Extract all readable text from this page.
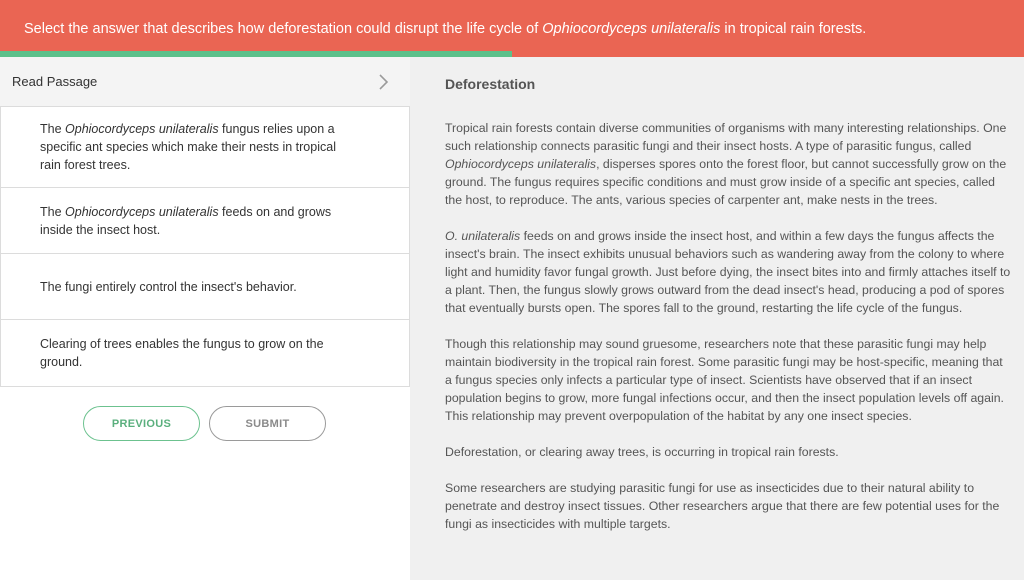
Select the answer that describes how deforestation could disrupt the life cycle of Ophiocordyceps unilateralis in tropical rain forests.
Read Passage
The Ophiocordyceps unilateralis fungus relies upon a specific ant species which make their nests in tropical rain forest trees.
The Ophiocordyceps unilateralis feeds on and grows inside the insect host.
The fungi entirely control the insect's behavior.
Clearing of trees enables the fungus to grow on the ground.
PREVIOUS	SUBMIT
Deforestation

Tropical rain forests contain diverse communities of organisms with many interesting relationships. One such relationship connects parasitic fungi and their insect hosts. A type of parasitic fungus, called Ophiocordyceps unilateralis, disperses spores onto the forest floor, but cannot successfully grow on the ground. The fungus requires specific conditions and must grow inside of a specific ant species, called the host, to reproduce. The ants, various species of carpenter ant, make nests in the trees.

O. unilateralis feeds on and grows inside the insect host, and within a few days the fungus affects the insect's brain. The insect exhibits unusual behaviors such as wandering away from the colony to where light and humidity favor fungal growth. Just before dying, the insect bites into and firmly attaches itself to a plant. Then, the fungus slowly grows outward from the dead insect's head, producing a pod of spores that eventually bursts open. The spores fall to the ground, restarting the life cycle of the fungus.

Though this relationship may sound gruesome, researchers note that these parasitic fungi may help maintain biodiversity in the tropical rain forest. Some parasitic fungi may be host-specific, meaning that a fungus species only infects a particular type of insect. Scientists have observed that if an insect population begins to grow, more fungal infections occur, and then the insect population levels off again. This relationship may prevent overpopulation of the habitat by any one insect species.

Deforestation, or clearing away trees, is occurring in tropical rain forests.

Some researchers are studying parasitic fungi for use as insecticides due to their natural ability to penetrate and destroy insect tissues. Other researchers argue that there are few potential uses for the fungi as insecticides with multiple targets.
